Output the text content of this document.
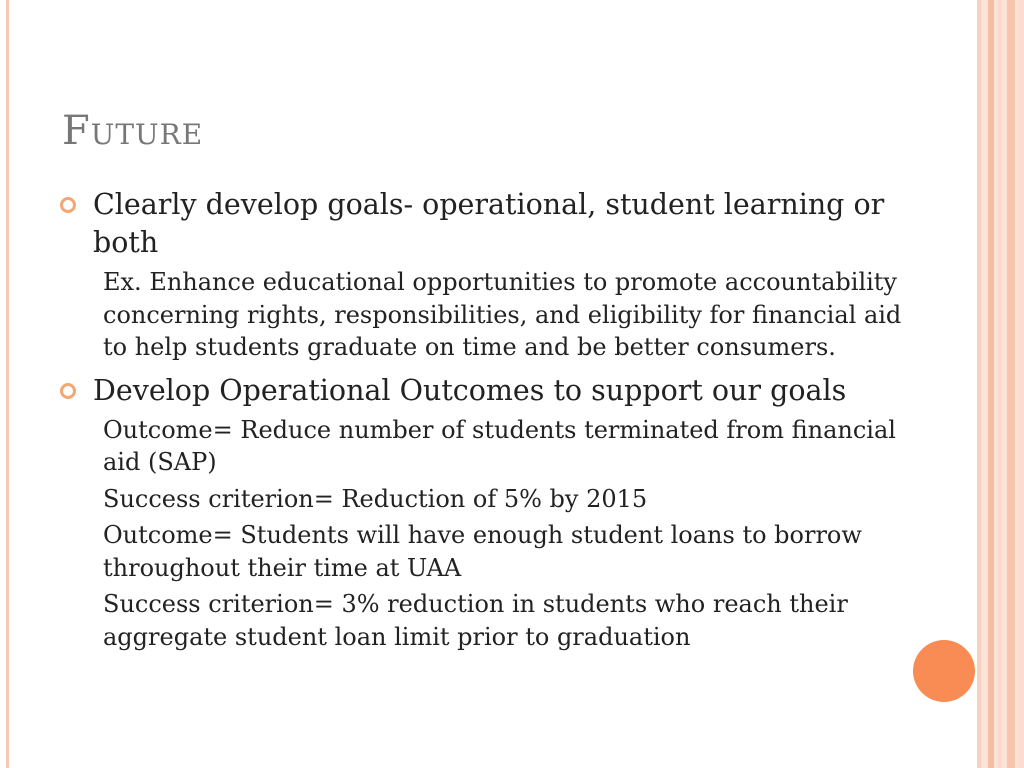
Future
Clearly develop goals- operational, student learning or both

Ex. Enhance educational opportunities to promote accountability concerning rights, responsibilities, and eligibility for financial aid to help students graduate on time and be better consumers.

Develop Operational Outcomes to support our goals

Outcome= Reduce number of students terminated from financial aid (SAP)

Success criterion= Reduction of 5% by 2015

Outcome= Students will have enough student loans to borrow throughout their time at UAA

Success criterion= 3% reduction in students who reach their aggregate student loan limit prior to graduation
